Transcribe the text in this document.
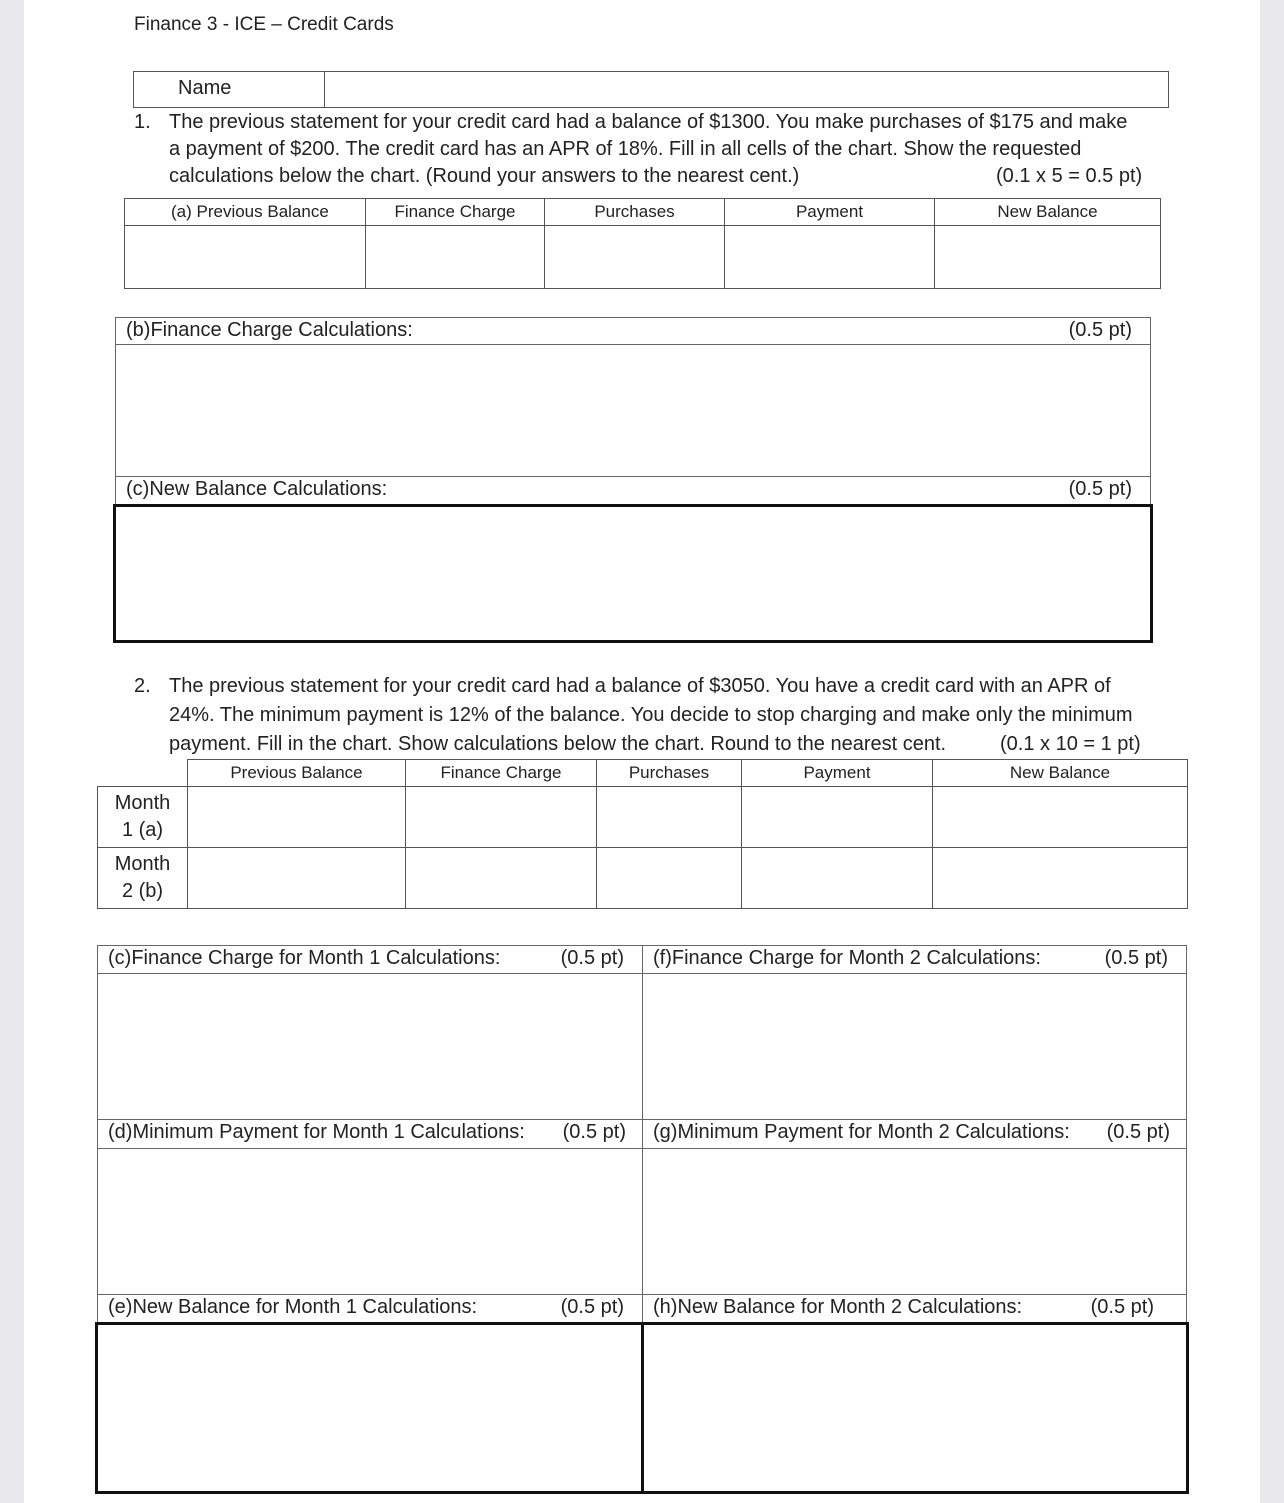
Finance 3 - ICE – Credit Cards
Name
1. The previous statement for your credit card had a balance of $1300. You make purchases of $175 and make
a payment of $200. The credit card has an APR of 18%. Fill in all cells of the chart. Show the requested
calculations below the chart. (Round your answers to the nearest cent.)	(0.1 x 5 = 0.5 pt)
(a) Previous Balance	Finance Charge	Purchases	Payment	New Balance

(b)Finance Charge Calculations:	(0.5 pt)
(c)New Balance Calculations:	(0.5 pt)
2. The previous statement for your credit card had a balance of $3050. You have a credit card with an APR of
24%. The minimum payment is 12% of the balance. You decide to stop charging and make only the minimum
payment. Fill in the chart. Show calculations below the chart. Round to the nearest cent.	(0.1 x 10 = 1 pt)
	Previous Balance	Finance Charge	Purchases	Payment	New Balance

Month
1 (a)					

Month
2 (b)					

(c)Finance Charge for Month 1 Calculations:	(0.5 pt)
(d)Minimum Payment for Month 1 Calculations: (0.5 pt)
(e)New Balance for Month 1 Calculations:	(0.5 pt)
(f)Finance Charge for Month 2 Calculations:	(0.5 pt)
(g)Minimum Payment for Month 2 Calculations: (0.5 pt)
(h)New Balance for Month 2 Calculations:	(0.5 pt)
